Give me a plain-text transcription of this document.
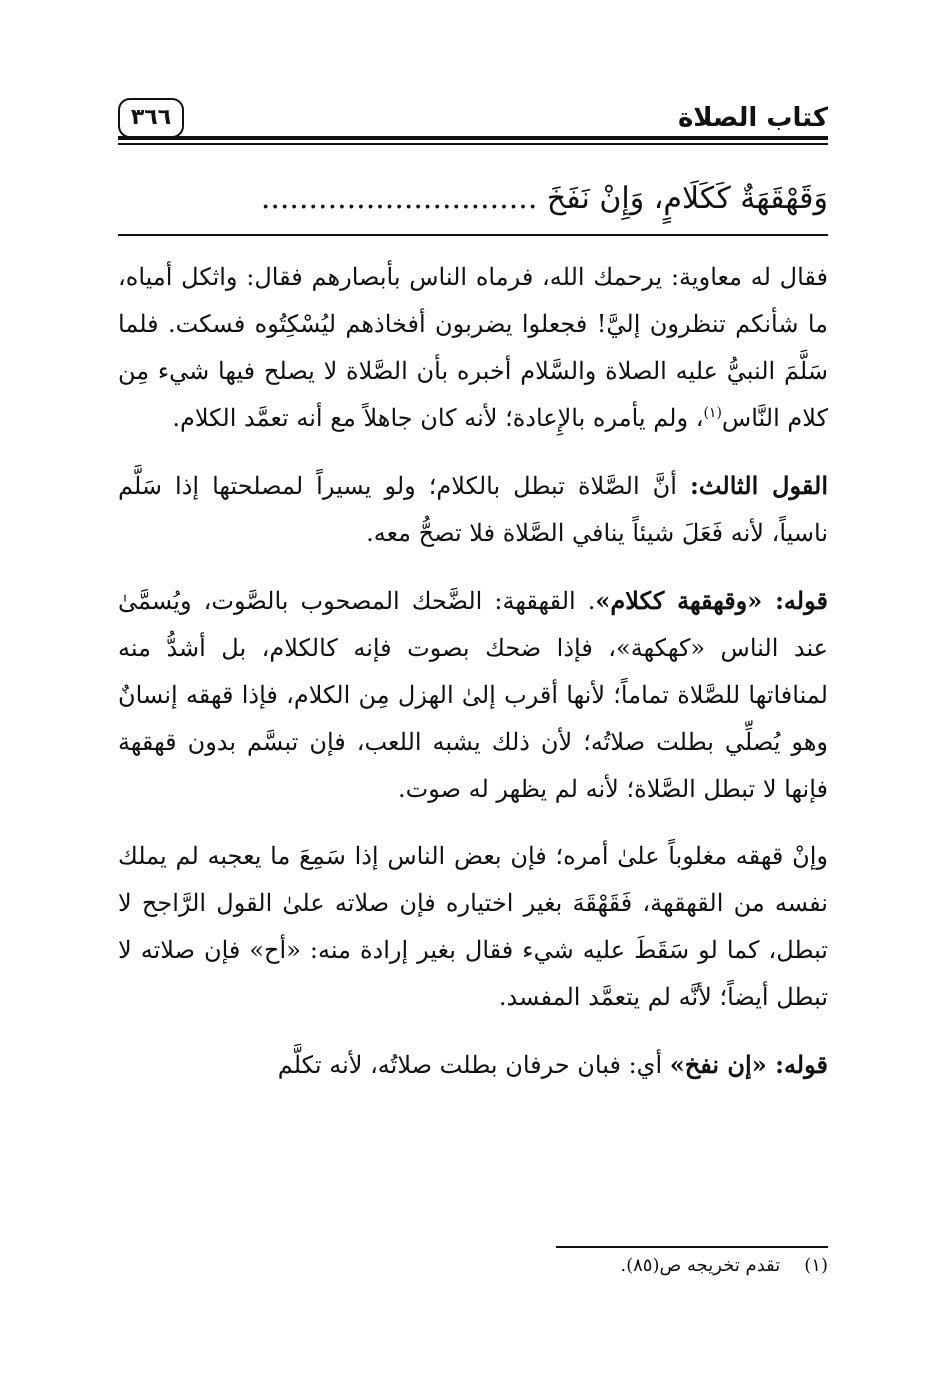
كتاب الصلاة
٣٦٦
وَقَهْقَهَةٌ كَكَلَامٍ، وَإِنْ نَفَخَ .............................

فقال له معاوية: يرحمك الله، فرماه الناس بأبصارهم فقال: واثكل أمياه، ما شأنكم تنظرون إليَّ! فجعلوا يضربون أفخاذهم ليُسْكِتُوه فسكت. فلما سَلَّمَ النبيُّ عليه الصلاة والسَّلام أخبره بأن الصَّلاة لا يصلح فيها شيء مِن كلام النَّاس$^{(١)}$، ولم يأمره بالإِعادة؛ لأنه كان جاهلاً مع أنه تعمَّد الكلام.

القول الثالث: أنَّ الصَّلاة تبطل بالكلام؛ ولو يسيراً لمصلحتها إذا سَلَّم ناسياً، لأنه فَعَلَ شيئاً ينافي الصَّلاة فلا تصحُّ معه.

قوله: «وقهقهة ككلام». القهقهة: الضَّحك المصحوب بالصَّوت، ويُسمَّىٰ عند الناس «كهكهة»، فإذا ضحك بصوت فإنه كالكلام، بل أشدُّ منه لمنافاتها للصَّلاة تماماً؛ لأنها أقرب إلىٰ الهزل مِن الكلام، فإذا قهقه إنسانٌ وهو يُصلِّي بطلت صلاتُه؛ لأن ذلك يشبه اللعب، فإن تبسَّم بدون قهقهة فإنها لا تبطل الصَّلاة؛ لأنه لم يظهر له صوت.

وإنْ قهقه مغلوباً علىٰ أمره؛ فإن بعض الناس إذا سَمِعَ ما يعجبه لم يملك نفسه من القهقهة، فَقَهْقَهَ بغير اختياره فإن صلاته علىٰ القول الرَّاجح لا تبطل، كما لو سَقَطَ عليه شيء فقال بغير إرادة منه: «أح» فإن صلاته لا تبطل أيضاً؛ لأنَّه لم يتعمَّد المفسد.

قوله: «إن نفخ» أي: فبان حرفان بطلت صلاتُه، لأنه تكلَّم

(١)تقدم تخريجه ص(٨٥).
